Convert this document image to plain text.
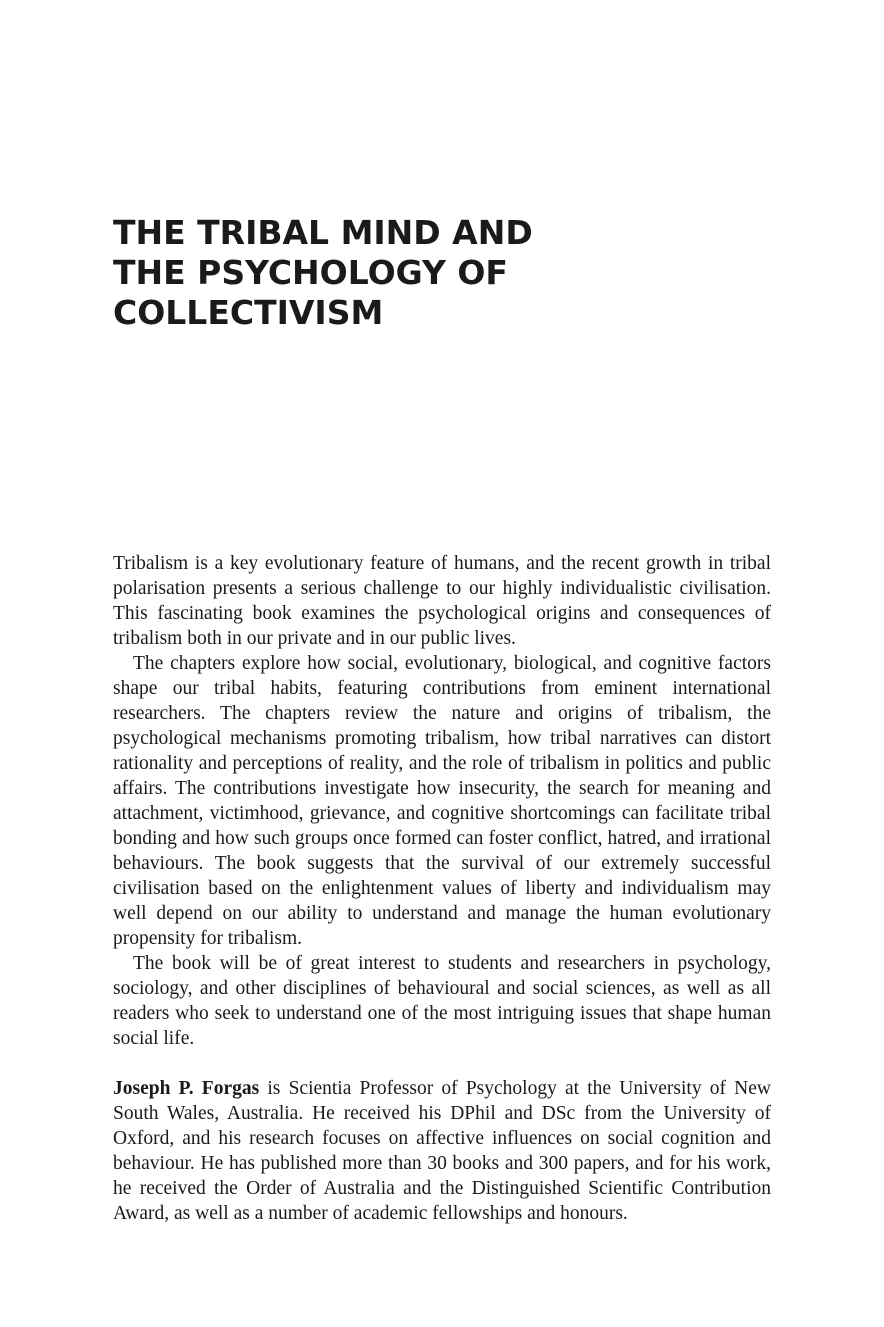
THE TRIBAL MIND AND
THE PSYCHOLOGY OF
COLLECTIVISM

Tribalism is a key evolutionary feature of humans, and the recent growth in tribal polarisation presents a serious challenge to our highly individualistic civilisation. This fascinating book examines the psychological origins and consequences of tribalism both in our private and in our public lives.

The chapters explore how social, evolutionary, biological, and cognitive factors shape our tribal habits, featuring contributions from eminent international researchers. The chapters review the nature and origins of tribalism, the psychological mechanisms promoting tribalism, how tribal narratives can distort rationality and perceptions of reality, and the role of tribalism in politics and public affairs. The contributions investigate how insecurity, the search for meaning and attachment, victimhood, grievance, and cognitive shortcomings can facilitate tribal bonding and how such groups once formed can foster conflict, hatred, and irrational behaviours. The book suggests that the survival of our extremely successful civilisation based on the enlightenment values of liberty and individualism may well depend on our ability to understand and manage the human evolutionary propensity for tribalism.

The book will be of great interest to students and researchers in psychology, sociology, and other disciplines of behavioural and social sciences, as well as all readers who seek to understand one of the most intriguing issues that shape human social life.

Joseph P. Forgas is Scientia Professor of Psychology at the University of New South Wales, Australia. He received his DPhil and DSc from the University of Oxford, and his research focuses on affective influences on social cognition and behaviour. He has published more than 30 books and 300 papers, and for his work, he received the Order of Australia and the Distinguished Scientific Contribution Award, as well as a number of academic fellowships and honours.
